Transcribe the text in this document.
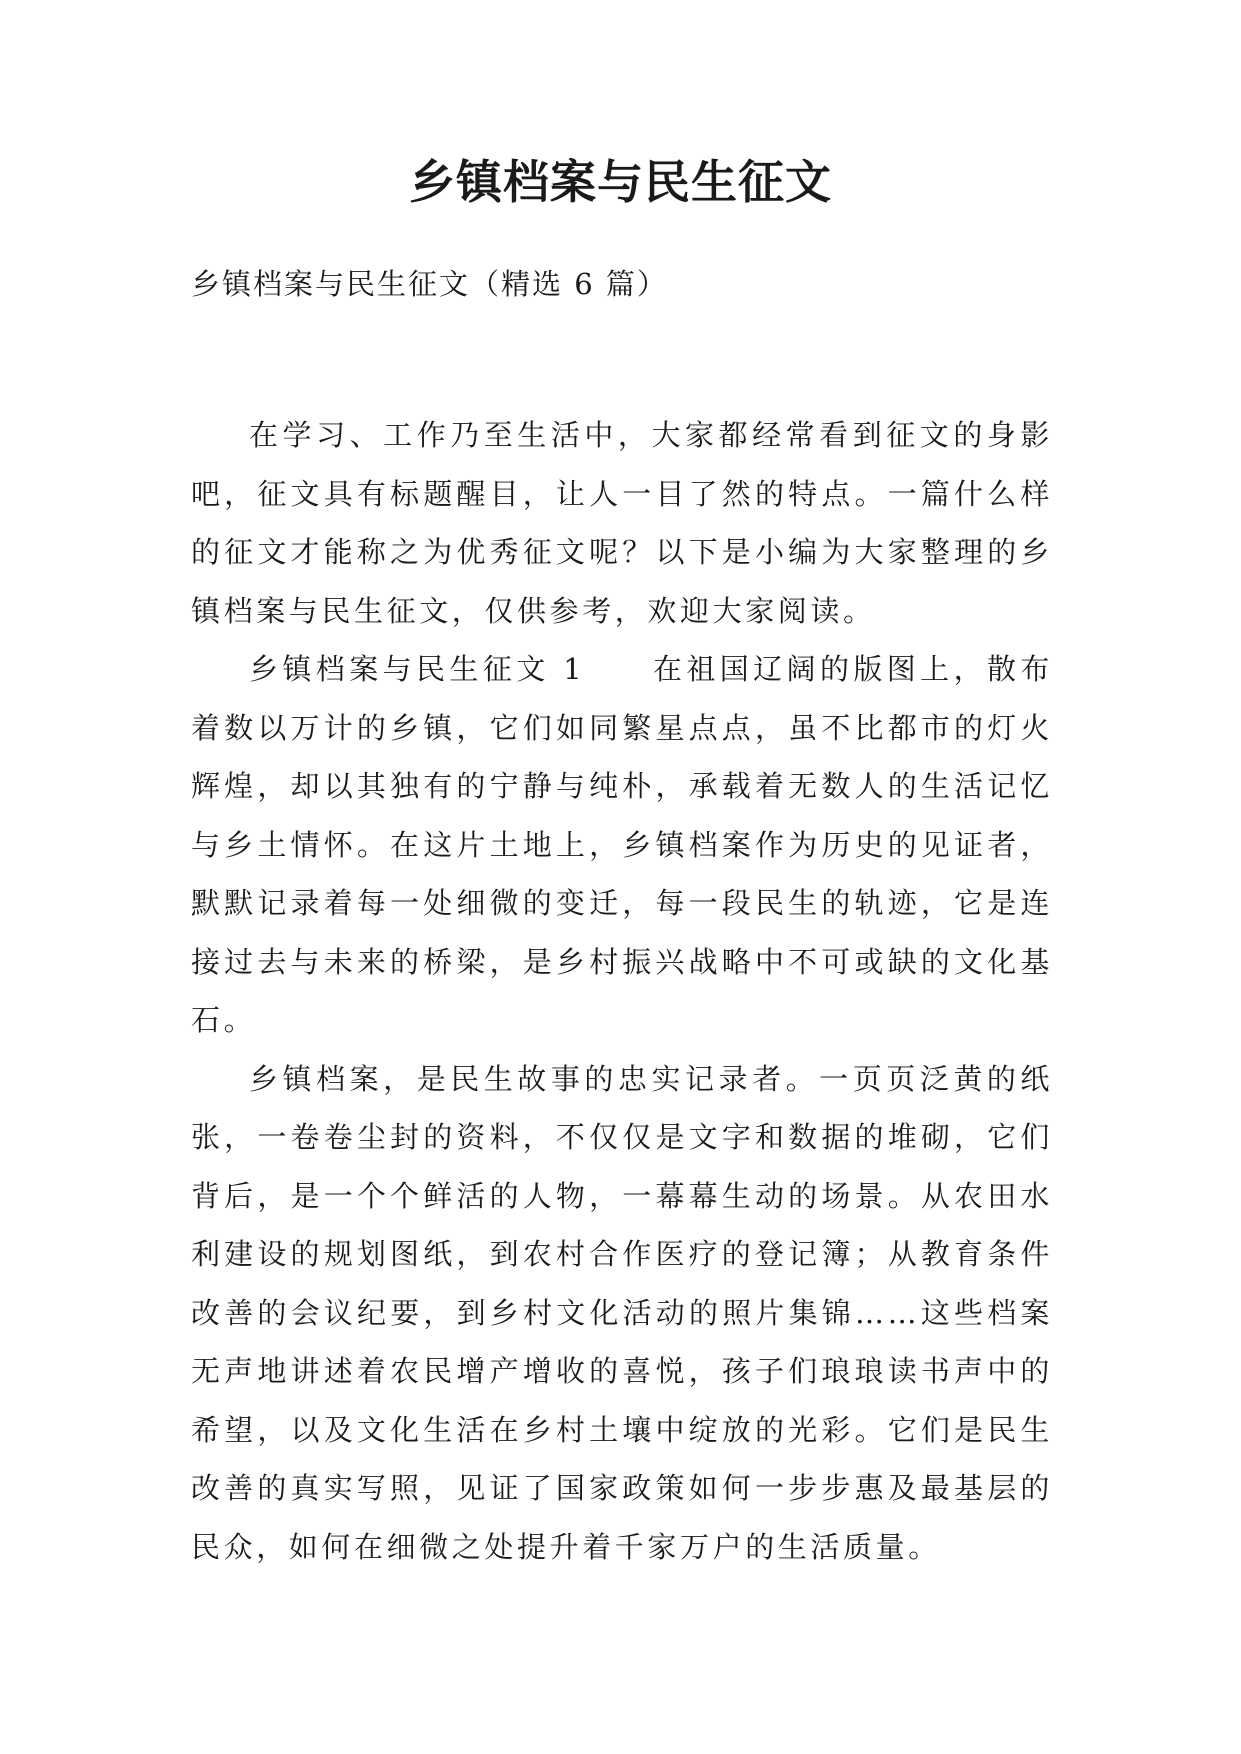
乡镇档案与民生征文

乡镇档案与民生征文（精选 6 篇）

在学习、工作乃至生活中，大家都经常看到征文的身影吧，征文具有标题醒目，让人一目了然的特点。一篇什么样的征文才能称之为优秀征文呢？以下是小编为大家整理的乡镇档案与民生征文，仅供参考，欢迎大家阅读。

乡镇档案与民生征文 1　　在祖国辽阔的版图上，散布着数以万计的乡镇，它们如同繁星点点，虽不比都市的灯火辉煌，却以其独有的宁静与纯朴，承载着无数人的生活记忆与乡土情怀。在这片土地上，乡镇档案作为历史的见证者，默默记录着每一处细微的变迁，每一段民生的轨迹，它是连接过去与未来的桥梁，是乡村振兴战略中不可或缺的文化基石。

乡镇档案，是民生故事的忠实记录者。一页页泛黄的纸张，一卷卷尘封的资料，不仅仅是文字和数据的堆砌，它们背后，是一个个鲜活的人物，一幕幕生动的场景。从农田水利建设的规划图纸，到农村合作医疗的登记簿；从教育条件改善的会议纪要，到乡村文化活动的照片集锦……这些档案无声地讲述着农民增产增收的喜悦，孩子们琅琅读书声中的希望，以及文化生活在乡村土壤中绽放的光彩。它们是民生改善的真实写照，见证了国家政策如何一步步惠及最基层的民众，如何在细微之处提升着千家万户的生活质量。
